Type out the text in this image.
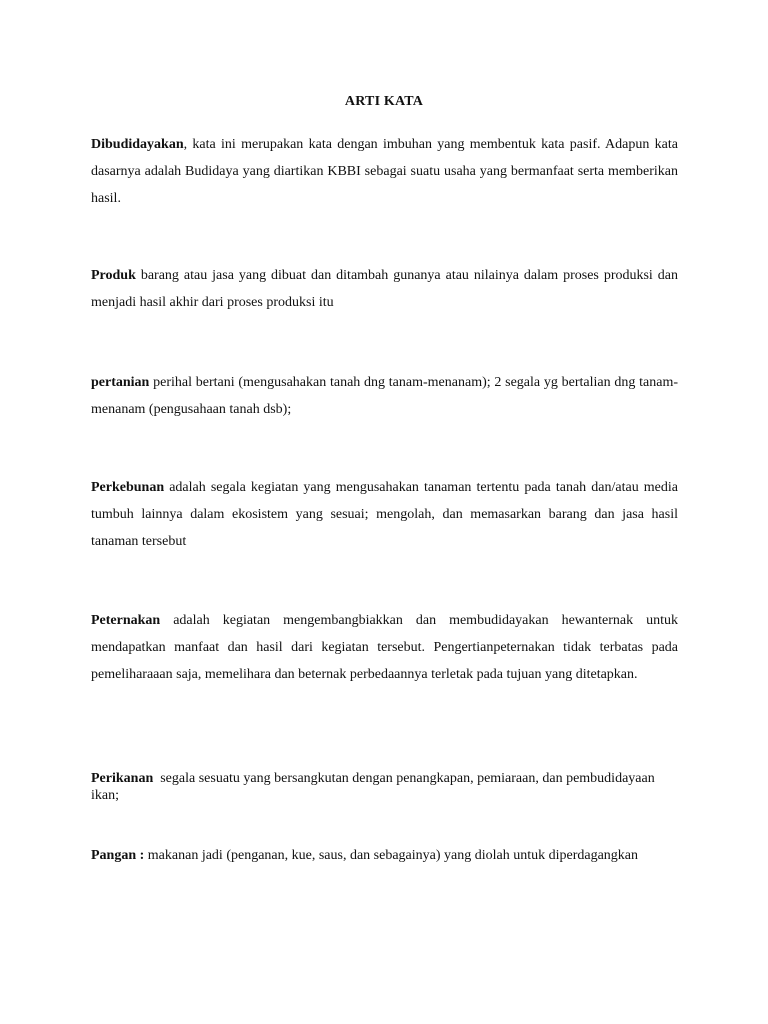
ARTI KATA

Dibudidayakan, kata ini merupakan kata dengan imbuhan yang membentuk kata pasif. Adapun kata dasarnya adalah Budidaya yang diartikan KBBI sebagai suatu usaha yang bermanfaat serta memberikan hasil.

Produk barang atau jasa yang dibuat dan ditambah gunanya atau nilainya dalam proses produksi dan menjadi hasil akhir dari proses produksi itu

pertanian perihal bertani (mengusahakan tanah dng tanam-menanam); 2 segala yg bertalian dng tanam-menanam (pengusahaan tanah dsb);

Perkebunan adalah segala kegiatan yang mengusahakan tanaman tertentu pada tanah dan/atau media tumbuh lainnya dalam ekosistem yang sesuai; mengolah, dan memasarkan barang dan jasa hasil tanaman tersebut

Peternakan adalah kegiatan mengembangbiakkan dan membudidayakan hewanternak untuk mendapatkan manfaat dan hasil dari kegiatan tersebut. Pengertianpeternakan tidak terbatas pada pemeliharaaan saja, memelihara dan beternak perbedaannya terletak pada tujuan yang ditetapkan.

Perikanan  segala sesuatu yang bersangkutan dengan penangkapan, pemiaraan, dan pembudidayaan ikan;

Pangan : makanan jadi (penganan, kue, saus, dan sebagainya) yang diolah untuk diperdagangkan
